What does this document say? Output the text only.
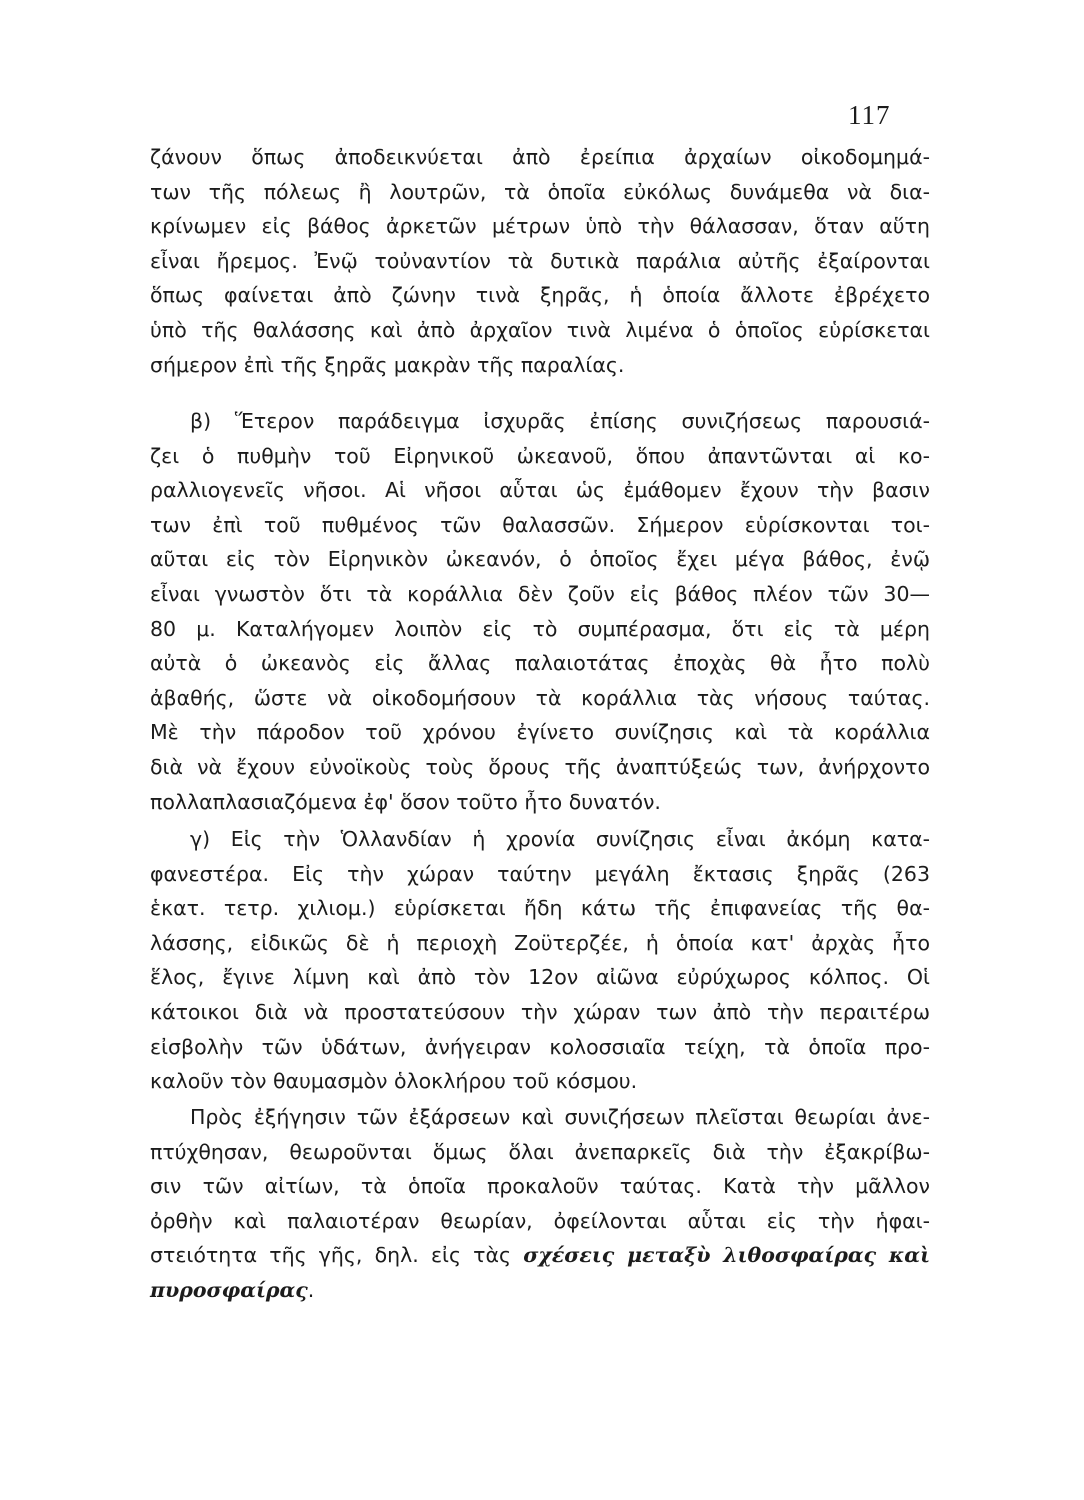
117
ζάνουν ὅπως ἀποδεικνύεται ἀπὸ ἐρείπια ἀρχαίων οἰκοδομημά-
των τῆς πόλεως ἢ λουτρῶν, τὰ ὁποῖα εὐκόλως δυνάμεθα νὰ δια-
κρίνωμεν εἰς βάθος ἀρκετῶν μέτρων ὑπὸ τὴν θάλασσαν, ὅταν αὕτη
εἶναι ἤρεμος. Ἐνῷ τοὐναντίον τὰ δυτικὰ παράλια αὐτῆς ἐξαίρονται
ὅπως φαίνεται ἀπὸ ζώνην τινὰ ξηρᾶς, ἡ ὁποία ἄλλοτε ἐβρέχετο
ὑπὸ τῆς θαλάσσης καὶ ἀπὸ ἀρχαῖον τινὰ λιμένα ὁ ὁποῖος εὑρίσκεται
σήμερον ἐπὶ τῆς ξηρᾶς μακρὰν τῆς παραλίας.
β) Ἕτερον παράδειγμα ἰσχυρᾶς ἐπίσης συνιζήσεως παρουσιά-
ζει ὁ πυθμὴν τοῦ Εἰρηνικοῦ ὠκεανοῦ, ὅπου ἀπαντῶνται αἱ κο-
ραλλιογενεῖς νῆσοι. Αἱ νῆσοι αὗται ὡς ἐμάθομεν ἔχουν τὴν βασιν
των ἐπὶ τοῦ πυθμένος τῶν θαλασσῶν. Σήμερον εὑρίσκονται τοι-
αῦται εἰς τὸν Εἰρηνικὸν ὠκεανόν, ὁ ὁποῖος ἔχει μέγα βάθος, ἐνῷ
εἶναι γνωστὸν ὅτι τὰ κοράλλια δὲν ζοῦν εἰς βάθος πλέον τῶν 30—
80 μ. Καταλήγομεν λοιπὸν εἰς τὸ συμπέρασμα, ὅτι εἰς τὰ μέρη
αὐτὰ ὁ ὠκεανὸς εἰς ἄλλας παλαιοτάτας ἐποχὰς θὰ ἦτο πολὺ
ἀβαθής, ὥστε νὰ οἰκοδομήσουν τὰ κοράλλια τὰς νήσους ταύτας.
Μὲ τὴν πάροδον τοῦ χρόνου ἐγίνετο συνίζησις καὶ τὰ κοράλλια
διὰ νὰ ἔχουν εὐνοϊκοὺς τοὺς ὅρους τῆς ἀναπτύξεώς των, ἀνήρχοντο
πολλαπλασιαζόμενα ἐφ' ὅσον τοῦτο ἦτο δυνατόν.
γ) Εἰς τὴν Ὁλλανδίαν ἡ χρονία συνίζησις εἶναι ἀκόμη κατα-
φανεστέρα. Εἰς τὴν χώραν ταύτην μεγάλη ἔκτασις ξηρᾶς (263
ἑκατ. τετρ. χιλιομ.) εὑρίσκεται ἤδη κάτω τῆς ἐπιφανείας τῆς θα-
λάσσης, εἰδικῶς δὲ ἡ περιοχὴ Ζοϋτερζέε, ἡ ὁποία κατ' ἀρχὰς ἦτο
ἕλος, ἔγινε λίμνη καὶ ἀπὸ τὸν 12ον αἰῶνα εὐρύχωρος κόλπος. Οἱ
κάτοικοι διὰ νὰ προστατεύσουν τὴν χώραν των ἀπὸ τὴν περαιτέρω
εἰσβολὴν τῶν ὑδάτων, ἀνήγειραν κολοσσιαῖα τείχη, τὰ ὁποῖα προ-
καλοῦν τὸν θαυμασμὸν ὁλοκλήρου τοῦ κόσμου.
Πρὸς ἐξήγησιν τῶν ἐξάρσεων καὶ συνιζήσεων πλεῖσται θεωρίαι ἀνε-
πτύχθησαν, θεωροῦνται ὅμως ὅλαι ἀνεπαρκεῖς διὰ τὴν ἐξακρίβω-
σιν τῶν αἰτίων, τὰ ὁποῖα προκαλοῦν ταύτας. Κατὰ τὴν μᾶλλον
ὀρθὴν καὶ παλαιοτέραν θεωρίαν, ὀφείλονται αὗται εἰς τὴν ἡφαι-
στειότητα τῆς γῆς, δηλ. εἰς τὰς σχέσεις μεταξὺ λιθοσφαίρας καὶ
πυροσφαίρας.
